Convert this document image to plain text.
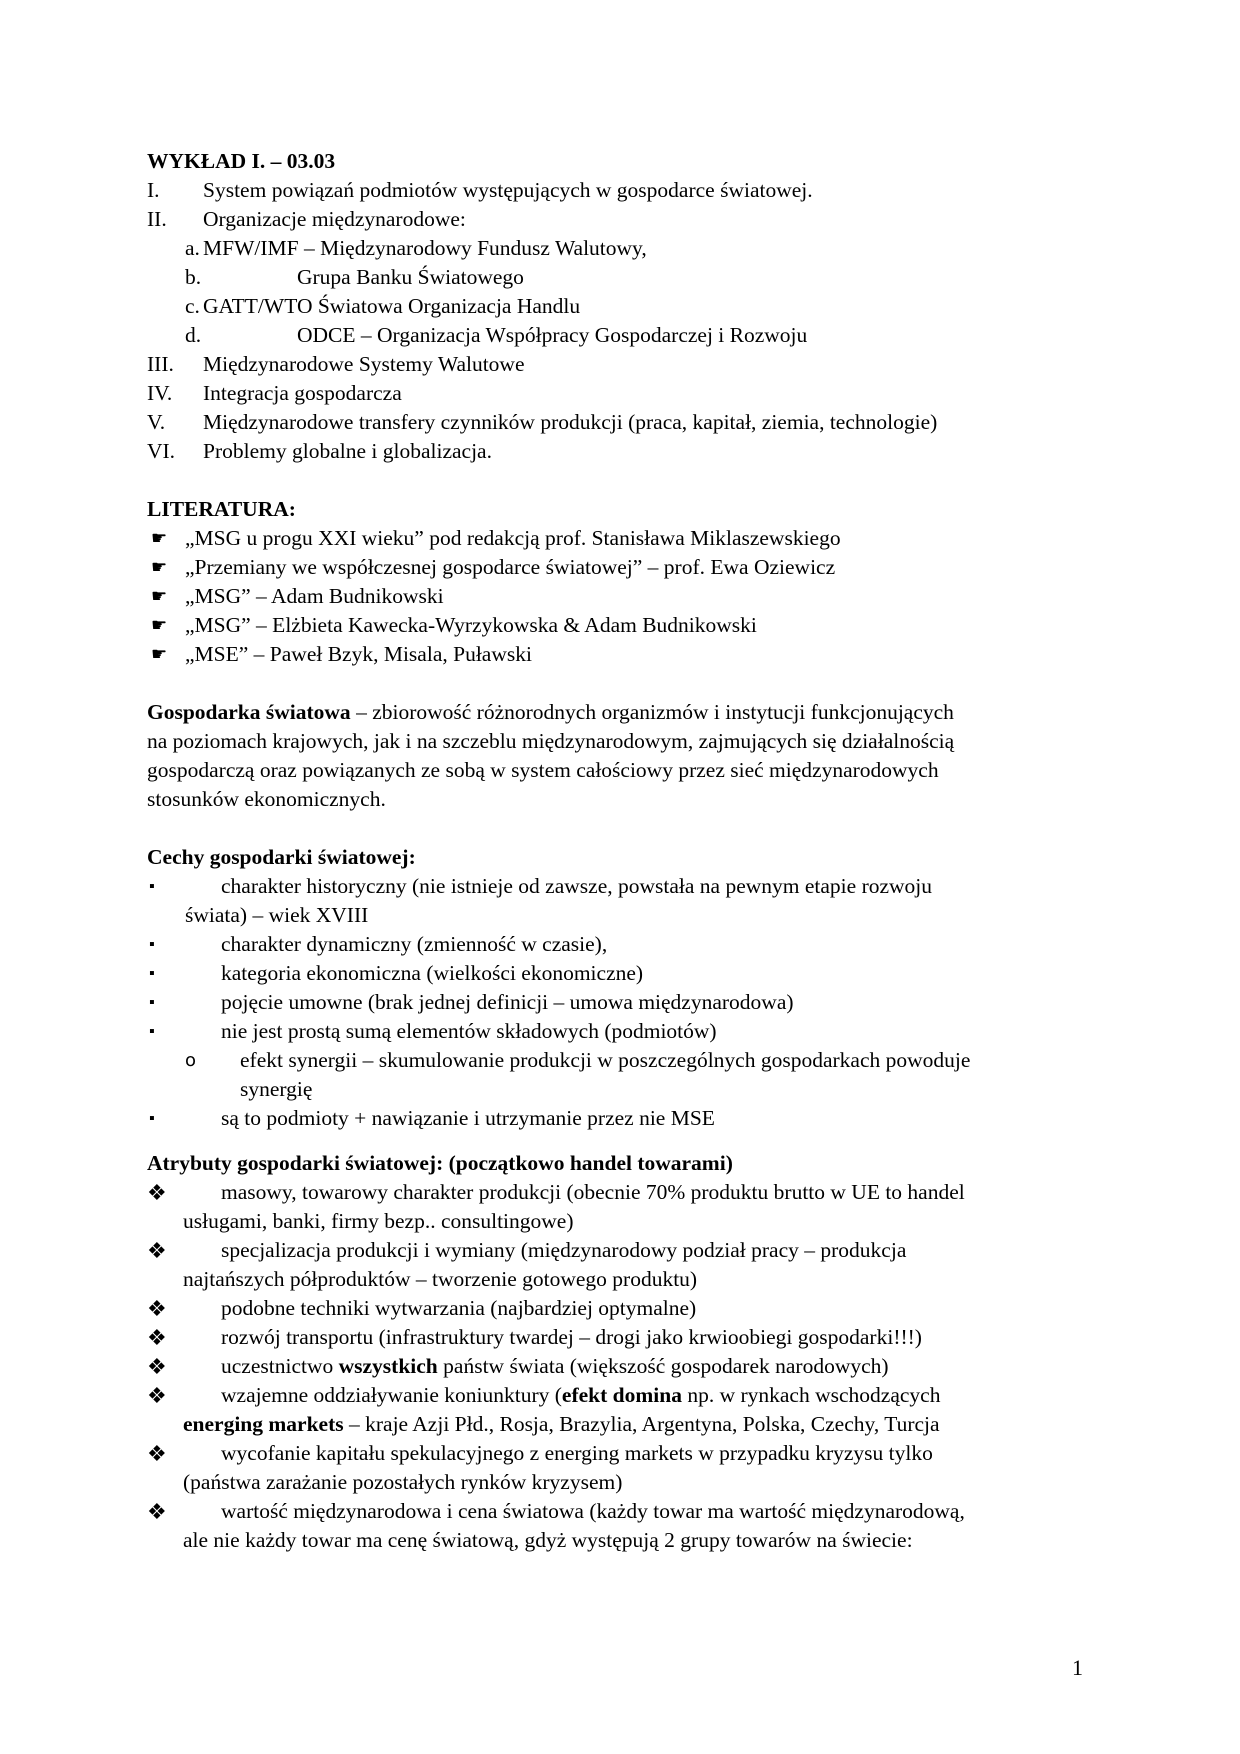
WYKŁAD I. – 03.03
I.	System powiązań podmiotów występujących w gospodarce światowej.
II.	Organizacje międzynarodowe:
a. MFW/IMF – Międzynarodowy Fundusz Walutowy,
b.	Grupa Banku Światowego
c. GATT/WTO Światowa Organizacja Handlu
d.	ODCE – Organizacja Współpracy Gospodarczej i Rozwoju
III.	Międzynarodowe Systemy Walutowe
IV.	Integracja gospodarcza
V.	Międzynarodowe transfery czynników produkcji (praca, kapitał, ziemia, technologie)
VI.	Problemy globalne i globalizacja.
LITERATURA:
☛ „MSG u progu XXI wieku” pod redakcją prof. Stanisława Miklaszewskiego
☛ „Przemiany we współczesnej gospodarce światowej” – prof. Ewa Oziewicz
☛ „MSG” – Adam Budnikowski
☛ „MSG” – Elżbieta Kawecka-Wyrzykowska & Adam Budnikowski
☛ „MSE” – Paweł Bzyk, Misala, Puławski
Gospodarka światowa – zbiorowość różnorodnych organizmów i instytucji funkcjonujących
na poziomach krajowych, jak i na szczeblu międzynarodowym, zajmujących się działalnością
gospodarczą oraz powiązanych ze sobą w system całościowy przez sieć międzynarodowych
stosunków ekonomicznych.
Cechy gospodarki światowej:
▪	charakter historyczny (nie istnieje od zawsze, powstała na pewnym etapie rozwoju
świata) – wiek XVIII
▪	charakter dynamiczny (zmienność w czasie),
▪	kategoria ekonomiczna (wielkości ekonomiczne)
▪	pojęcie umowne (brak jednej definicji – umowa międzynarodowa)
▪	nie jest prostą sumą elementów składowych (podmiotów)
o	efekt synergii – skumulowanie produkcji w poszczególnych gospodarkach powoduje
synergię
▪	są to podmioty + nawiązanie i utrzymanie przez nie MSE
Atrybuty gospodarki światowej: (początkowo handel towarami)
❖	masowy, towarowy charakter produkcji (obecnie 70% produktu brutto w UE to handel
usługami, banki, firmy bezp.. consultingowe)
❖	specjalizacja produkcji i wymiany (międzynarodowy podział pracy – produkcja
najtańszych półproduktów – tworzenie gotowego produktu)
❖	podobne techniki wytwarzania (najbardziej optymalne)
❖	rozwój transportu (infrastruktury twardej – drogi jako krwioobiegi gospodarki!!!)
❖	uczestnictwo wszystkich państw świata (większość gospodarek narodowych)
❖	wzajemne oddziaływanie koniunktury (efekt domina np. w rynkach wschodzących
energing markets – kraje Azji Płd., Rosja, Brazylia, Argentyna, Polska, Czechy, Turcja
❖	wycofanie kapitału spekulacyjnego z energing markets w przypadku kryzysu tylko
(państwa zarażanie pozostałych rynków kryzysem)
❖	wartość międzynarodowa i cena światowa (każdy towar ma wartość międzynarodową,
ale nie każdy towar ma cenę światową, gdyż występują 2 grupy towarów na świecie:
1
